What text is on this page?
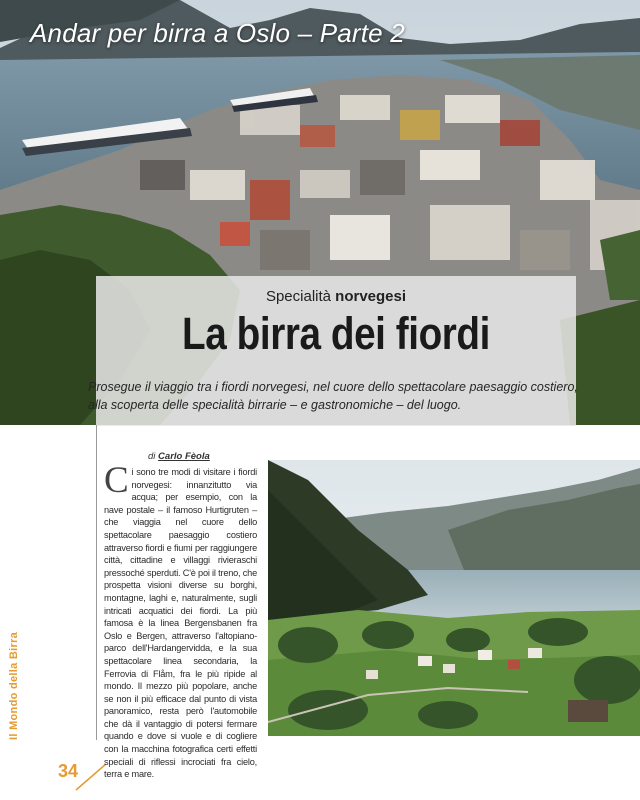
Andar per birra a Oslo – Parte 2
Specialità norvegesi
La birra dei fiordi
Prosegue il viaggio tra i fiordi norvegesi, nel cuore dello spettacolare paesaggio costiero, alla scoperta delle specialità birrarie – e gastronomiche – del luogo.
Il Mondo della Birra
34
di Carlo Fèola
Ci sono tre modi di visitare i fiordi norvegesi: innanzitutto via acqua; per esempio, con la nave postale – il famoso Hurtigruten – che viaggia nel cuore dello spettacolare paesaggio costiero attraverso fiordi e fiumi per raggiungere città, cittadine e villaggi rivieraschi pressoché sperduti. C'è poi il treno, che prospetta visioni diverse su borghi, montagne, laghi e, naturalmente, sugli intricati acquatici dei fiordi. La più famosa è la linea Bergensbanen fra Oslo e Bergen, attraverso l'altopiano-parco dell'Hardangervidda, e la sua spettacolare linea secondaria, la Ferrovia di Flåm, fra le più ripide al mondo. Il mezzo più popolare, anche se non il più efficace dal punto di vista panoramico, resta però l'automobile che dà il vantaggio di potersi fermare quando e dove si vuole e di cogliere con la macchina fotografica certi effetti speciali di riflessi incrociati fra cielo, terra e mare.
